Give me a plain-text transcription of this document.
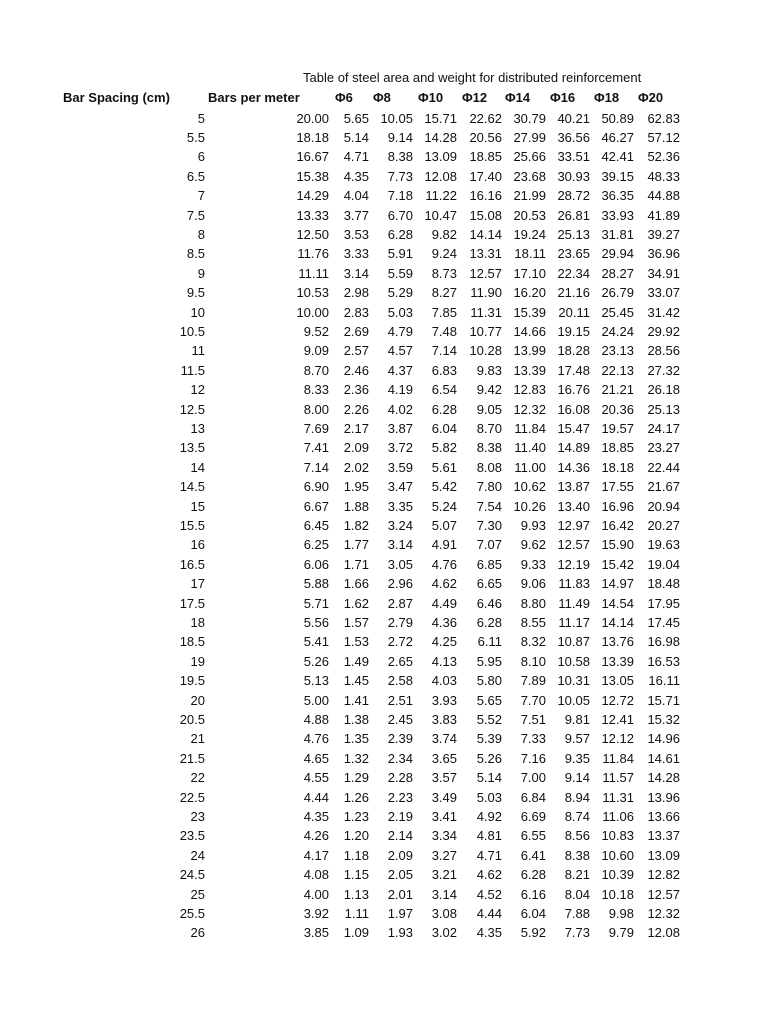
Table of steel area and weight for distributed reinforcement
Bar Spacing (cm)	Bars per meter	Φ6 Φ8 Φ10 Φ12 Φ14 Φ16 Φ18 Φ20
5	20.00 5.65 10.05 15.71 22.62 30.79 40.21 50.89 62.83
5.5	18.18 5.14 9.14 14.28 20.56 27.99 36.56 46.27 57.12
6	16.67 4.71 8.38 13.09 18.85 25.66 33.51 42.41 52.36
6.5	15.38 4.35 7.73 12.08 17.40 23.68 30.93 39.15 48.33
7	14.29 4.04 7.18 11.22 16.16 21.99 28.72 36.35 44.88
7.5	13.33 3.77 6.70 10.47 15.08 20.53 26.81 33.93 41.89
8	12.50 3.53 6.28 9.82 14.14 19.24 25.13 31.81 39.27
8.5	11.76 3.33 5.91 9.24 13.31 18.11 23.65 29.94 36.96
9	11.11 3.14 5.59 8.73 12.57 17.10 22.34 28.27 34.91
9.5	10.53 2.98 5.29 8.27 11.90 16.20 21.16 26.79 33.07
10	10.00 2.83 5.03 7.85 11.31 15.39 20.11 25.45 31.42
10.5	9.52 2.69 4.79 7.48 10.77 14.66 19.15 24.24 29.92
11	9.09 2.57 4.57 7.14 10.28 13.99 18.28 23.13 28.56
11.5	8.70 2.46 4.37 6.83 9.83 13.39 17.48 22.13 27.32
12	8.33 2.36 4.19 6.54 9.42 12.83 16.76 21.21 26.18
12.5	8.00 2.26 4.02 6.28 9.05 12.32 16.08 20.36 25.13
13	7.69 2.17 3.87 6.04 8.70 11.84 15.47 19.57 24.17
13.5	7.41 2.09 3.72 5.82 8.38 11.40 14.89 18.85 23.27
14	7.14 2.02 3.59 5.61 8.08 11.00 14.36 18.18 22.44
14.5	6.90 1.95 3.47 5.42 7.80 10.62 13.87 17.55 21.67
15	6.67 1.88 3.35 5.24 7.54 10.26 13.40 16.96 20.94
15.5	6.45 1.82 3.24 5.07 7.30 9.93 12.97 16.42 20.27
16	6.25 1.77 3.14 4.91 7.07 9.62 12.57 15.90 19.63
16.5	6.06 1.71 3.05 4.76 6.85 9.33 12.19 15.42 19.04
17	5.88 1.66 2.96 4.62 6.65 9.06 11.83 14.97 18.48
17.5	5.71 1.62 2.87 4.49 6.46 8.80 11.49 14.54 17.95
18	5.56 1.57 2.79 4.36 6.28 8.55 11.17 14.14 17.45
18.5	5.41 1.53 2.72 4.25 6.11 8.32 10.87 13.76 16.98
19	5.26 1.49 2.65 4.13 5.95 8.10 10.58 13.39 16.53
19.5	5.13 1.45 2.58 4.03 5.80 7.89 10.31 13.05 16.11
20	5.00 1.41 2.51 3.93 5.65 7.70 10.05 12.72 15.71
20.5	4.88 1.38 2.45 3.83 5.52 7.51 9.81 12.41 15.32
21	4.76 1.35 2.39 3.74 5.39 7.33 9.57 12.12 14.96
21.5	4.65 1.32 2.34 3.65 5.26 7.16 9.35 11.84 14.61
22	4.55 1.29 2.28 3.57 5.14 7.00 9.14 11.57 14.28
22.5	4.44 1.26 2.23 3.49 5.03 6.84 8.94 11.31 13.96
23	4.35 1.23 2.19 3.41 4.92 6.69 8.74 11.06 13.66
23.5	4.26 1.20 2.14 3.34 4.81 6.55 8.56 10.83 13.37
24	4.17 1.18 2.09 3.27 4.71 6.41 8.38 10.60 13.09
24.5	4.08 1.15 2.05 3.21 4.62 6.28 8.21 10.39 12.82
25	4.00 1.13 2.01 3.14 4.52 6.16 8.04 10.18 12.57
25.5	3.92 1.11 1.97 3.08 4.44 6.04 7.88 9.98 12.32
26	3.85 1.09 1.93 3.02 4.35 5.92 7.73 9.79 12.08
